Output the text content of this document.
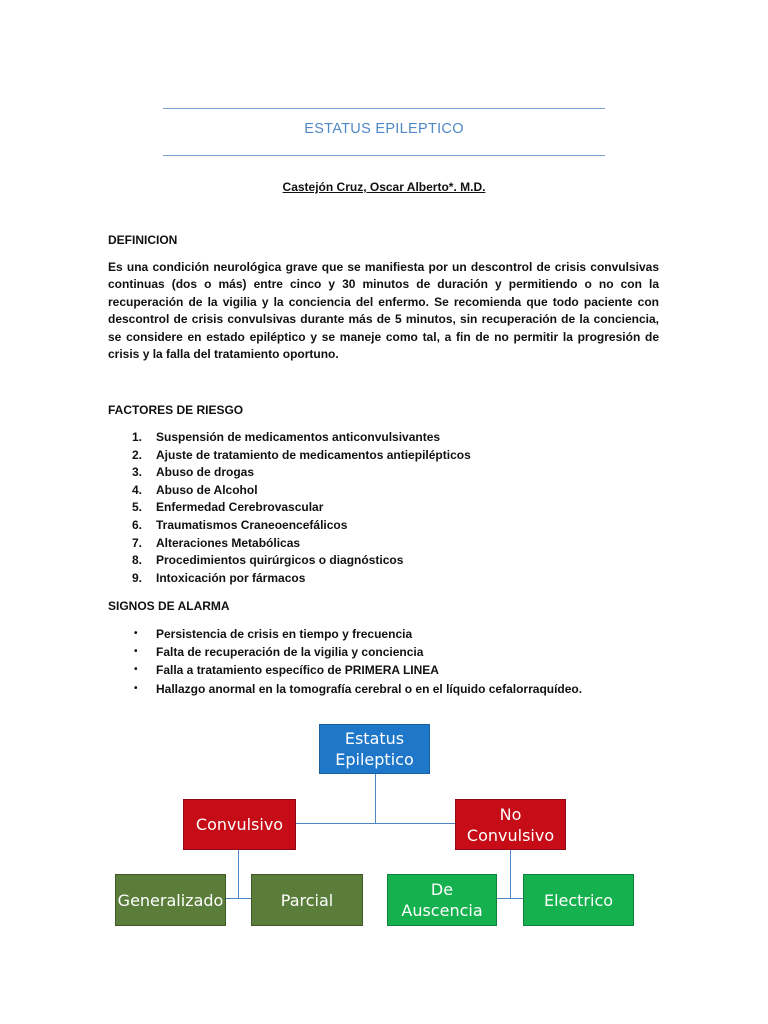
ESTATUS EPILEPTICO
Castejón Cruz, Oscar Alberto*. M.D.
DEFINICION
Es una condición neurológica grave que se manifiesta por un descontrol de crisis convulsivas continuas (dos o más) entre cinco y 30 minutos de duración y permitiendo o no con la recuperación de la vigilia y la conciencia del enfermo. Se recomienda que todo paciente con descontrol de crisis convulsivas durante más de 5 minutos, sin recuperación de la conciencia, se considere en estado epiléptico y se maneje como tal, a fin de no permitir la progresión de crisis y la falla del tratamiento oportuno.
FACTORES DE RIESGO
1.	Suspensión de medicamentos anticonvulsivantes
2.	Ajuste de tratamiento de medicamentos antiepilépticos
3.	Abuso de drogas
4.	Abuso de Alcohol
5.	Enfermedad Cerebrovascular
6.	Traumatismos Craneoencefálicos
7.	Alteraciones Metabólicas
8.	Procedimientos quirúrgicos o diagnósticos
9.	Intoxicación por fármacos
SIGNOS DE ALARMA
• Persistencia de crisis en tiempo y frecuencia
• Falta de recuperación de la vigilia y conciencia
• Falla a tratamiento específico de PRIMERA LINEA
• Hallazgo anormal en la tomografía cerebral o en el líquido cefalorraquídeo.
Estatus Epileptico
Convulsivo
No Convulsivo
Generalizado	Parcial
De Auscencia
Electrico
